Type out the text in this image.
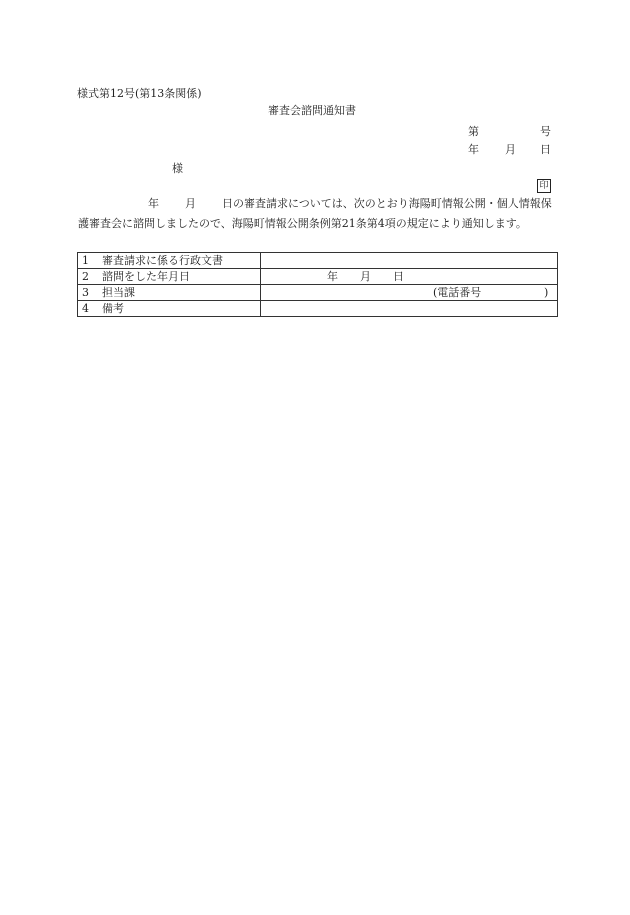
様式第12号(第13条関係)
審査会諮問通知書
第	号
年 月 日
様
印
年 月 日の審査請求については、次のとおり海陽町情報公開・個人情報保護審査会に諮問しましたので、海陽町情報公開条例第21条第4項の規定により通知します。
1 審査請求に係る行政文書	
2 諮問をした年月日	年 月 日
3 担当課	(電話番号 )

4 備考	
